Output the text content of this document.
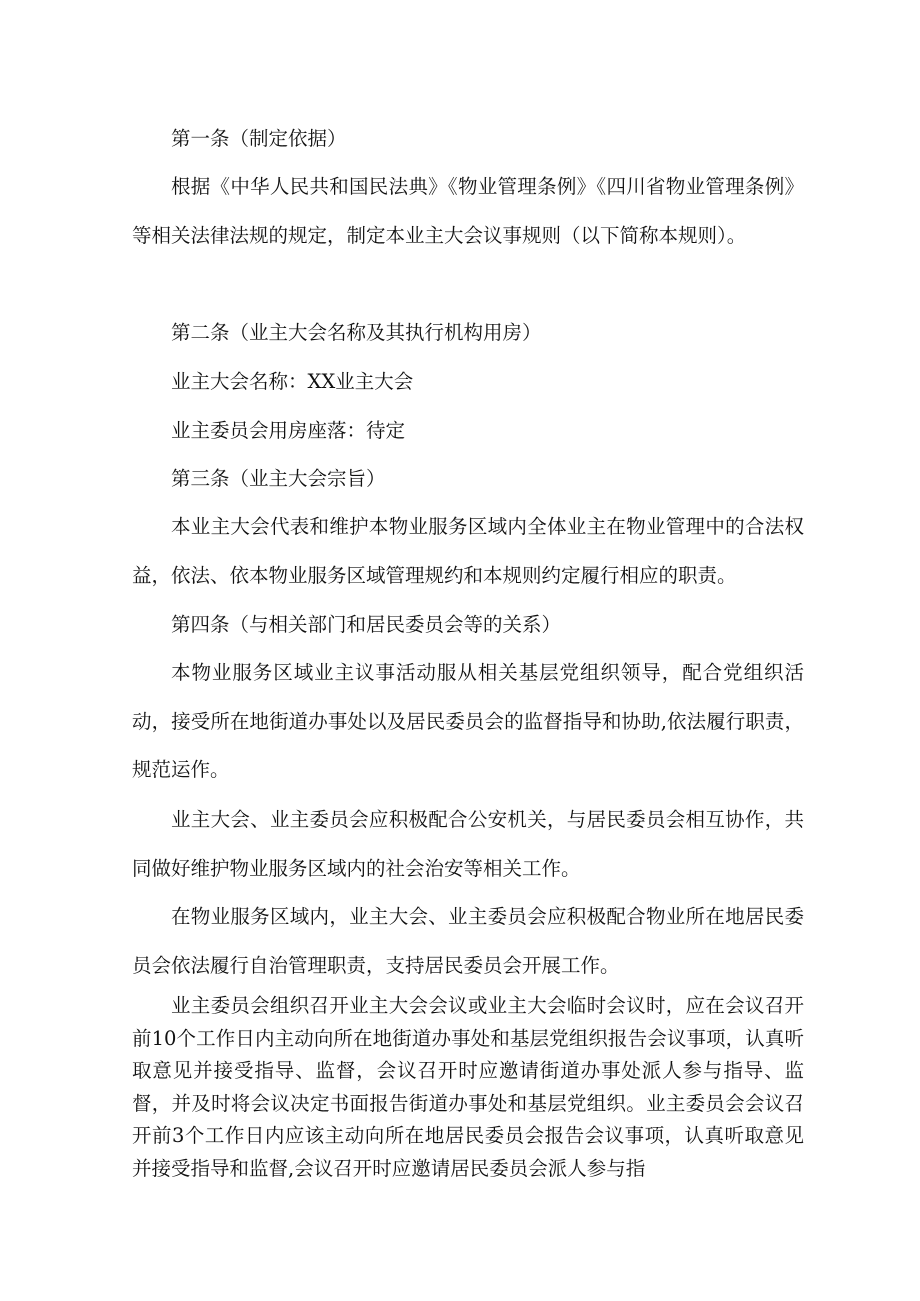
第一条（制定依据）

根据《中华人民共和国民法典》《物业管理条例》《四川省物业管理条例》等相关法律法规的规定，制定本业主大会议事规则（以下简称本规则）。

第二条（业主大会名称及其执行机构用房）

业主大会名称：XX业主大会

业主委员会用房座落：待定

第三条（业主大会宗旨）

本业主大会代表和维护本物业服务区域内全体业主在物业管理中的合法权益，依法、依本物业服务区域管理规约和本规则约定履行相应的职责。

第四条（与相关部门和居民委员会等的关系）

本物业服务区域业主议事活动服从相关基层党组织领导，配合党组织活动，接受所在地街道办事处以及居民委员会的监督指导和协助,依法履行职责，规范运作。

业主大会、业主委员会应积极配合公安机关，与居民委员会相互协作，共同做好维护物业服务区域内的社会治安等相关工作。

在物业服务区域内，业主大会、业主委员会应积极配合物业所在地居民委员会依法履行自治管理职责，支持居民委员会开展工作。

业主委员会组织召开业主大会会议或业主大会临时会议时，应在会议召开前10个工作日内主动向所在地街道办事处和基层党组织报告会议事项，认真听取意见并接受指导、监督，会议召开时应邀请街道办事处派人参与指导、监督，并及时将会议决定书面报告街道办事处和基层党组织。业主委员会会议召开前3个工作日内应该主动向所在地居民委员会报告会议事项，认真听取意见并接受指导和监督,会议召开时应邀请居民委员会派人参与指
